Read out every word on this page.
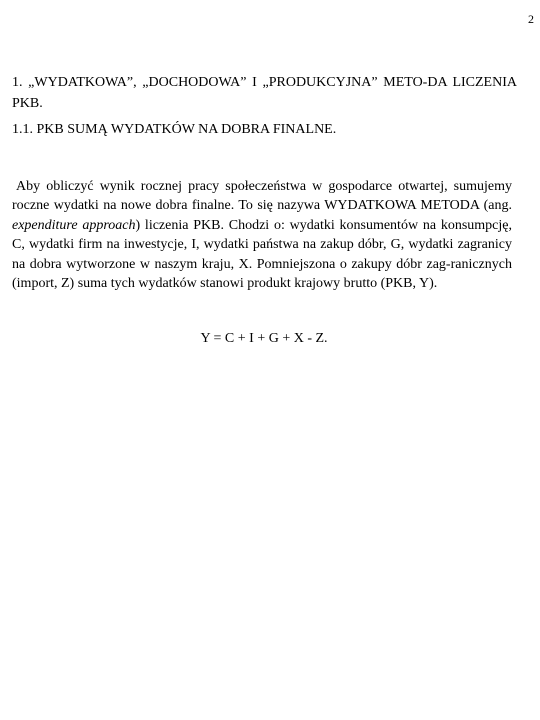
2
1. „WYDATKOWA”, „DOCHODOWA” I „PRODUKCYJNA” METO-DA LICZENIA PKB.
1.1. PKB SUMĄ WYDATKÓW NA DOBRA FINALNE.

Aby obliczyć wynik rocznej pracy społeczeństwa w gospodarce otwartej, sumujemy roczne wydatki na nowe dobra finalne. To się nazywa WYDATKOWA METODA (ang. expenditure approach) liczenia PKB. Chodzi o: wydatki konsumentów na konsumpcję, C, wydatki firm na inwestycje, I, wydatki państwa na zakup dóbr, G, wydatki zagranicy na dobra wytworzone w naszym kraju, X. Pomniejszona o zakupy dóbr zag-ranicznych (import, Z) suma tych wydatków stanowi produkt krajowy brutto (PKB, Y).

Y = C + I + G + X - Z.
